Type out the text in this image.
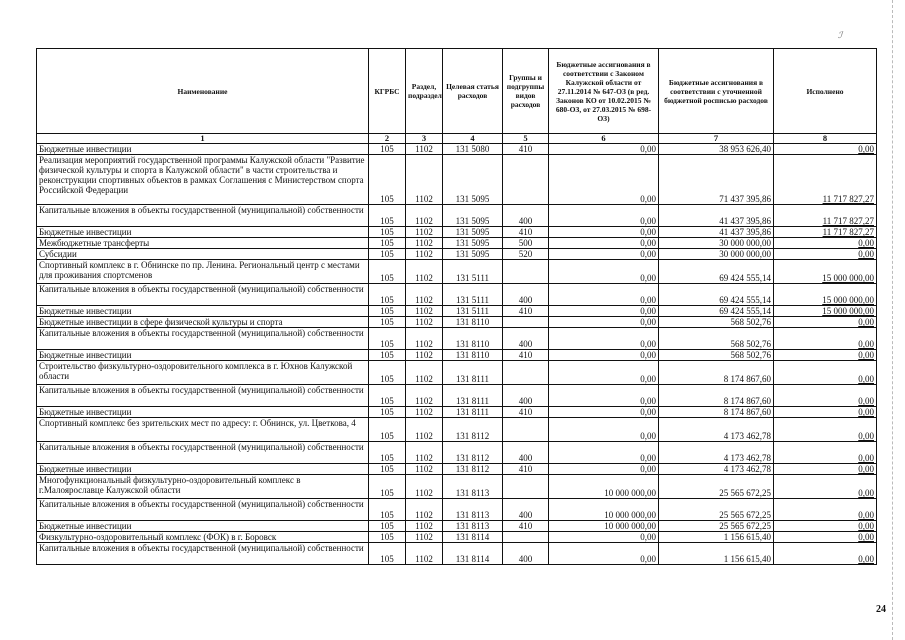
ℐ
Наименование	КГРБС	Раздел, подраздел	Целевая статья расходов	Группы и подгруппы видов расходов	Бюджетные ассигнования в соответствии с Законом Калужской области от 27.11.2014 № 647-ОЗ (в ред. Законов КО от 10.02.2015 № 680-ОЗ, от 27.03.2015 № 698-ОЗ)	Бюджетные ассигнования в соответствии с уточненной бюджетной росписью расходов	Исполнено
1	2	3	4	5	6	7	8
Бюджетные инвестиции	105	1102	131 5080	410	0,00	38 953 626,40	0,00
Реализация мероприятий государственной программы Калужской области "Развитие физической культуры и спорта в Калужской области" в части строительства и реконструкции спортивных объектов в рамках Соглашения с Министерством спорта Российской Федерации	105	1102	131 5095		0,00	71 437 395,86	11 717 827,27
Капитальные вложения в объекты государственной (муниципальной) собственности	105	1102	131 5095	400	0,00	41 437 395,86	11 717 827,27
Бюджетные инвестиции	105	1102	131 5095	410	0,00	41 437 395,86	11 717 827,27
Межбюджетные трансферты	105	1102	131 5095	500	0,00	30 000 000,00	0,00
Субсидии	105	1102	131 5095	520	0,00	30 000 000,00	0,00
Спортивный комплекс в г. Обнинске по пр. Ленина. Региональный центр с местами для проживания спортсменов	105	1102	131 5111		0,00	69 424 555,14	15 000 000,00
Капитальные вложения в объекты государственной (муниципальной) собственности	105	1102	131 5111	400	0,00	69 424 555,14	15 000 000,00
Бюджетные инвестиции	105	1102	131 5111	410	0,00	69 424 555,14	15 000 000,00
Бюджетные инвестиции в сфере физической культуры и спорта	105	1102	131 8110		0,00	568 502,76	0,00
Капитальные вложения в объекты государственной (муниципальной) собственности	105	1102	131 8110	400	0,00	568 502,76	0,00
Бюджетные инвестиции	105	1102	131 8110	410	0,00	568 502,76	0,00
Строительство физкультурно-оздоровительного комплекса в г. Юхнов Калужской области	105	1102	131 8111		0,00	8 174 867,60	0,00
Капитальные вложения в объекты государственной (муниципальной) собственности	105	1102	131 8111	400	0,00	8 174 867,60	0,00
Бюджетные инвестиции	105	1102	131 8111	410	0,00	8 174 867,60	0,00
Спортивный комплекс без зрительских мест по адресу: г. Обнинск, ул. Цветкова, 4	105	1102	131 8112		0,00	4 173 462,78	0,00
Капитальные вложения в объекты государственной (муниципальной) собственности	105	1102	131 8112	400	0,00	4 173 462,78	0,00
Бюджетные инвестиции	105	1102	131 8112	410	0,00	4 173 462,78	0,00
Многофункциональный физкультурно-оздоровительный комплекс в г.Малоярославце Калужской области	105	1102	131 8113		10 000 000,00	25 565 672,25	0,00
Капитальные вложения в объекты государственной (муниципальной) собственности	105	1102	131 8113	400	10 000 000,00	25 565 672,25	0,00
Бюджетные инвестиции	105	1102	131 8113	410	10 000 000,00	25 565 672,25	0,00
Физкультурно-оздоровительный комплекс (ФОК) в г. Боровск	105	1102	131 8114		0,00	1 156 615,40	0,00
Капитальные вложения в объекты государственной (муниципальной) собственности	105	1102	131 8114	400	0,00	1 156 615,40	0,00
24
